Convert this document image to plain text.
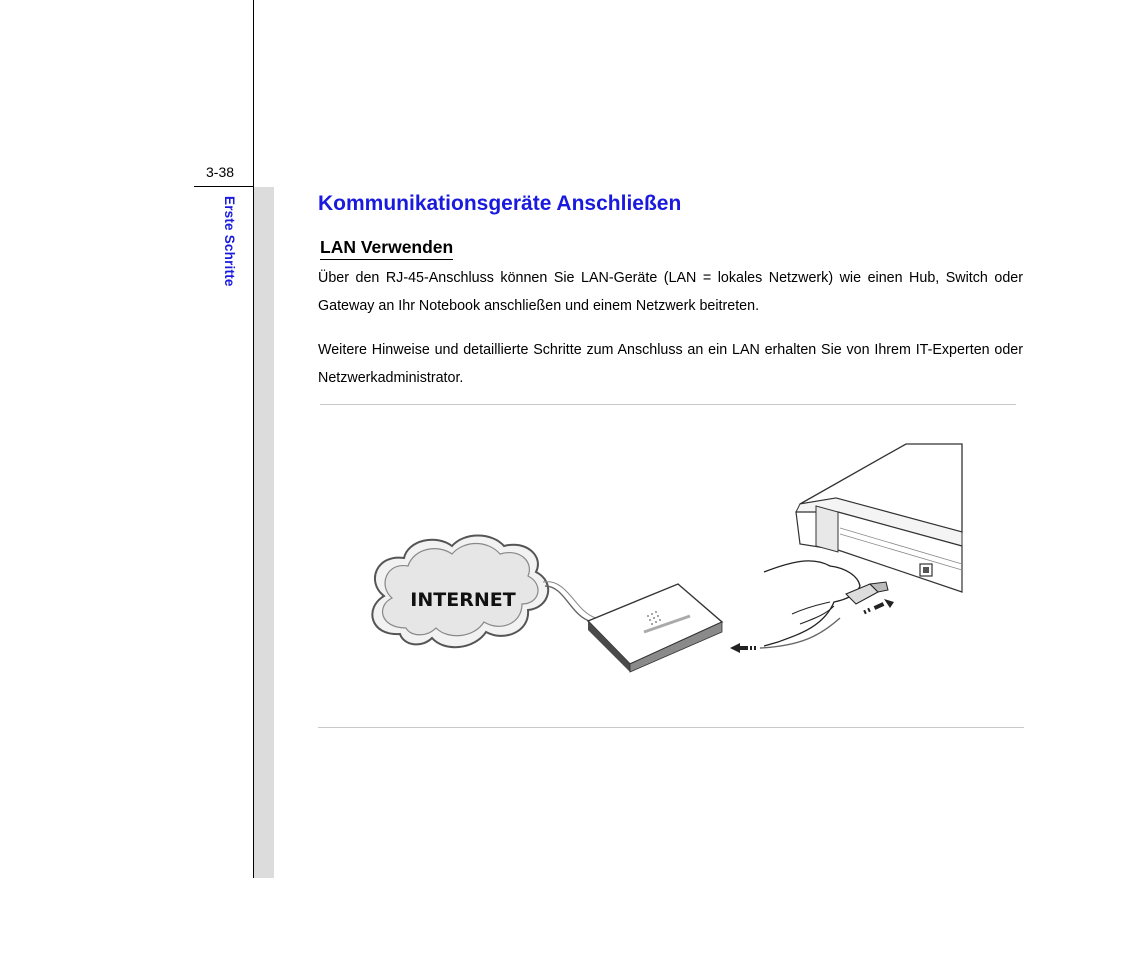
3-38
Erste Schritte	Kommunikationsgeräte Anschließen
LAN Verwenden

Über den RJ-45-Anschluss können Sie LAN-Geräte (LAN = lokales Netzwerk) wie einen Hub, Switch oder Gateway an Ihr Notebook anschließen und einem Netzwerk beitreten.

Weitere Hinweise und detaillierte Schritte zum Anschluss an ein LAN erhalten Sie von Ihrem IT-Experten oder Netzwerkadministrator.

INTERNET
